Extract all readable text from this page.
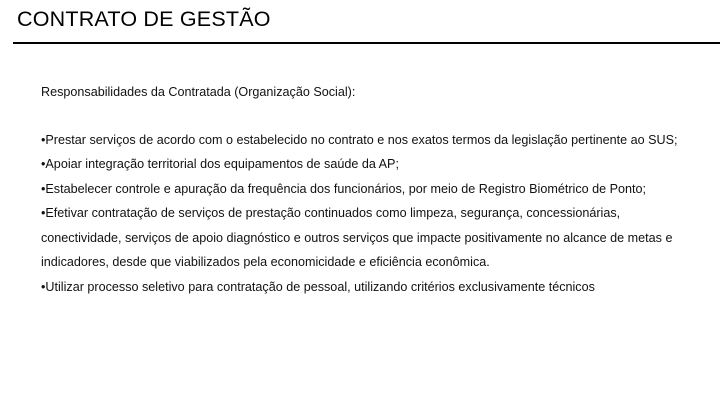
CONTRATO DE GESTÃO

Responsabilidades da Contratada (Organização Social):

•Prestar serviços de acordo com o estabelecido no contrato e nos exatos termos da legislação pertinente ao SUS;

•Apoiar integração territorial dos equipamentos de saúde da AP;

•Estabelecer controle e apuração da frequência dos funcionários, por meio de Registro Biométrico de Ponto;

•Efetivar contratação de serviços de prestação continuados como limpeza, segurança, concessionárias, conectividade, serviços de apoio diagnóstico e outros serviços que impacte positivamente no alcance de metas e indicadores, desde que viabilizados pela economicidade e eficiência econômica.

•Utilizar processo seletivo para contratação de pessoal, utilizando critérios exclusivamente técnicos
